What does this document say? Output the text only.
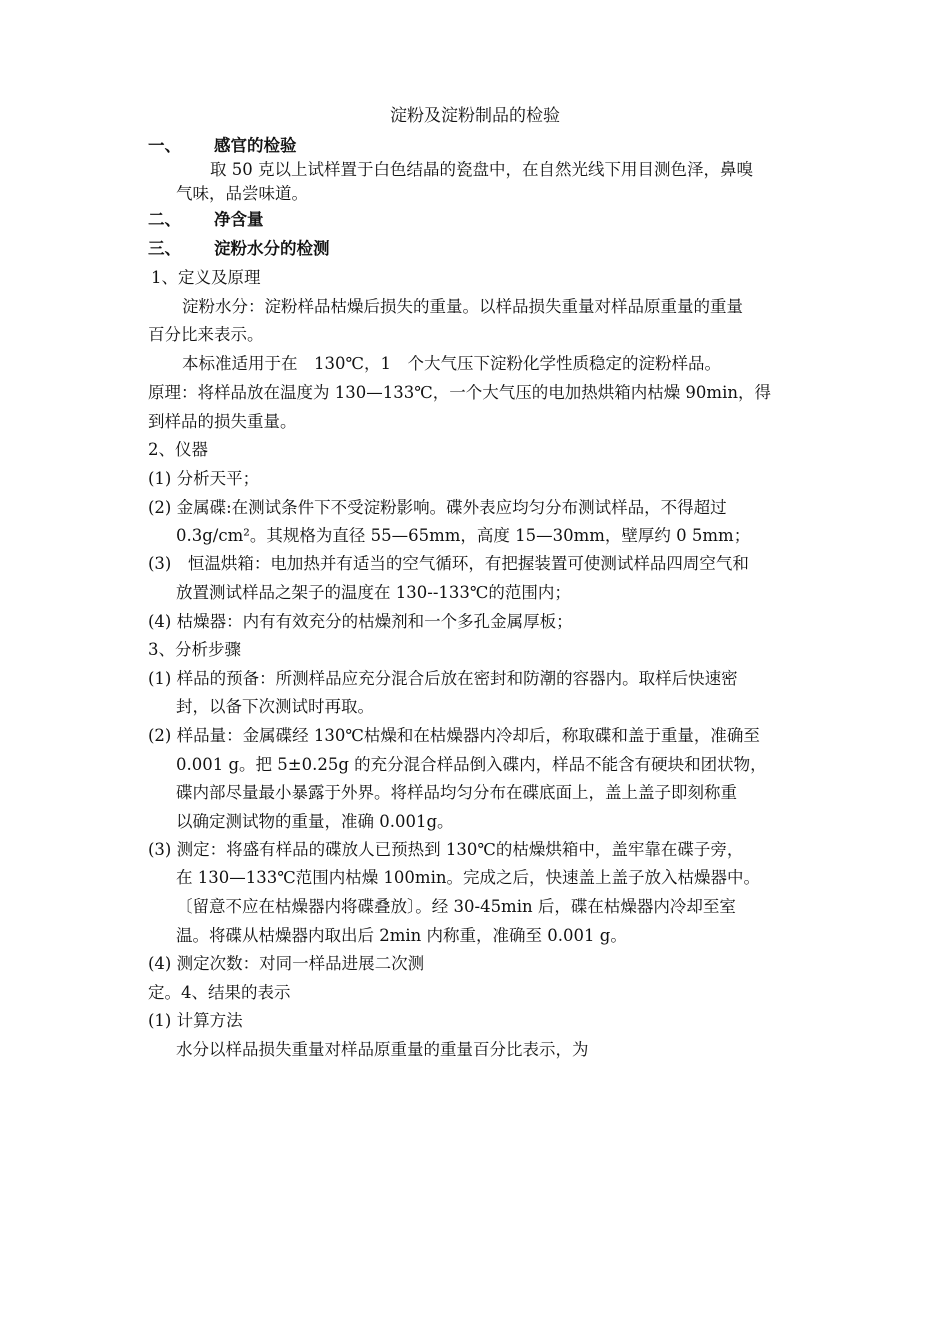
淀粉及淀粉制品的检验
一、 感官的检验
取 50 克以上试样置于白色结晶的瓷盘中，在自然光线下用目测色泽，鼻嗅
气味，品尝味道。
二、 净含量
三、 淀粉水分的检测
1、定义及原理
淀粉水分：淀粉样品枯燥后损失的重量。以样品损失重量对样品原重量的重量
百分比来表示。
本标准适用于在　130℃，1　个大气压下淀粉化学性质稳定的淀粉样品。
原理：将样品放在温度为 130—133℃，一个大气压的电加热烘箱内枯燥 90min，得
到样品的损失重量。
2、仪器
(1) 分析天平；
(2) 金属碟:在测试条件下不受淀粉影响。碟外表应均匀分布测试样品，不得超过
0.3g/cm²。其规格为直径 55—65mm，高度 15—30mm，壁厚约 0 5mm；
(3)　恒温烘箱：电加热并有适当的空气循环，有把握装置可使测试样品四周空气和
放置测试样品之架子的温度在 130--133℃的范围内；
(4) 枯燥器：内有有效充分的枯燥剂和一个多孔金属厚板；
3、分析步骤
(1) 样品的预备：所测样品应充分混合后放在密封和防潮的容器内。取样后快速密
封，以备下次测试时再取。
(2) 样品量：金属碟经 130℃枯燥和在枯燥器内冷却后，称取碟和盖于重量，准确至
0.001 g。把 5±0.25g 的充分混合样品倒入碟内，样品不能含有硬块和团状物，
碟内部尽量最小暴露于外界。将样品均匀分布在碟底面上，盖上盖子即刻称重
以确定测试物的重量，准确 0.001g。
(3) 测定：将盛有样品的碟放人已预热到 130℃的枯燥烘箱中，盖牢靠在碟子旁，
在 130—133℃范围内枯燥 100min。完成之后，快速盖上盖子放入枯燥器中。
〔留意不应在枯燥器内将碟叠放〕。经 30-45min 后，碟在枯燥器内冷却至室
温。将碟从枯燥器内取出后 2min 内称重，准确至 0.001 g。
(4) 测定次数：对同一样品进展二次测
定。4、结果的表示
(1) 计算方法
水分以样品损失重量对样品原重量的重量百分比表示，为
